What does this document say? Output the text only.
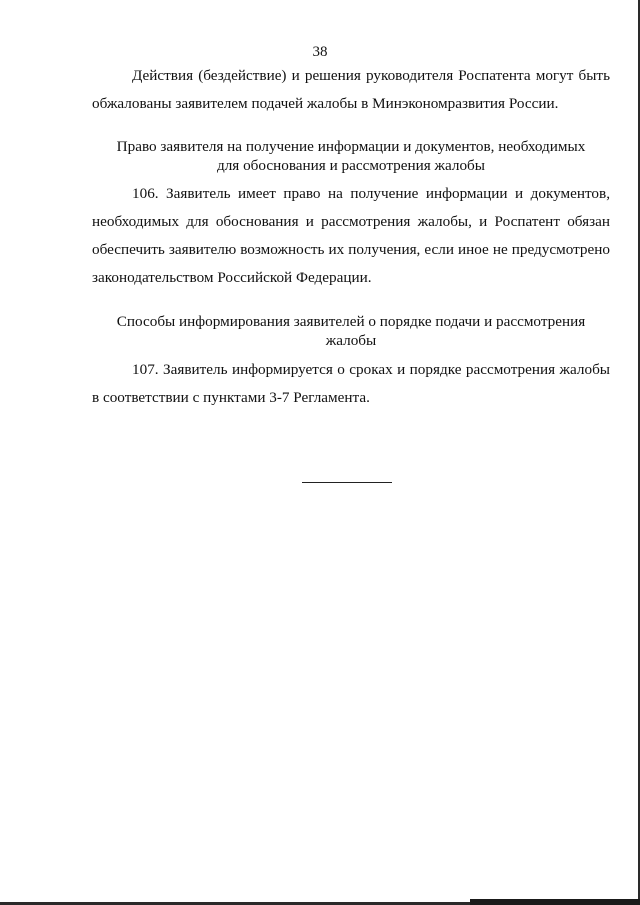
38
Действия (бездействие) и решения руководителя Роспатента могут быть
обжалованы заявителем подачей жалобы в Минэкономразвития России.
Право заявителя на получение информации и документов, необходимых
для обоснования и рассмотрения жалобы
106. Заявитель имеет право на получение информации и документов,
необходимых для обоснования и рассмотрения жалобы, и Роспатент обязан
обеспечить заявителю возможность их получения, если иное не предусмотрено
законодательством Российской Федерации.
Способы информирования заявителей о порядке подачи и рассмотрения
жалобы
107. Заявитель информируется о сроках и порядке рассмотрения жалобы
в соответствии с пунктами 3-7 Регламента.
